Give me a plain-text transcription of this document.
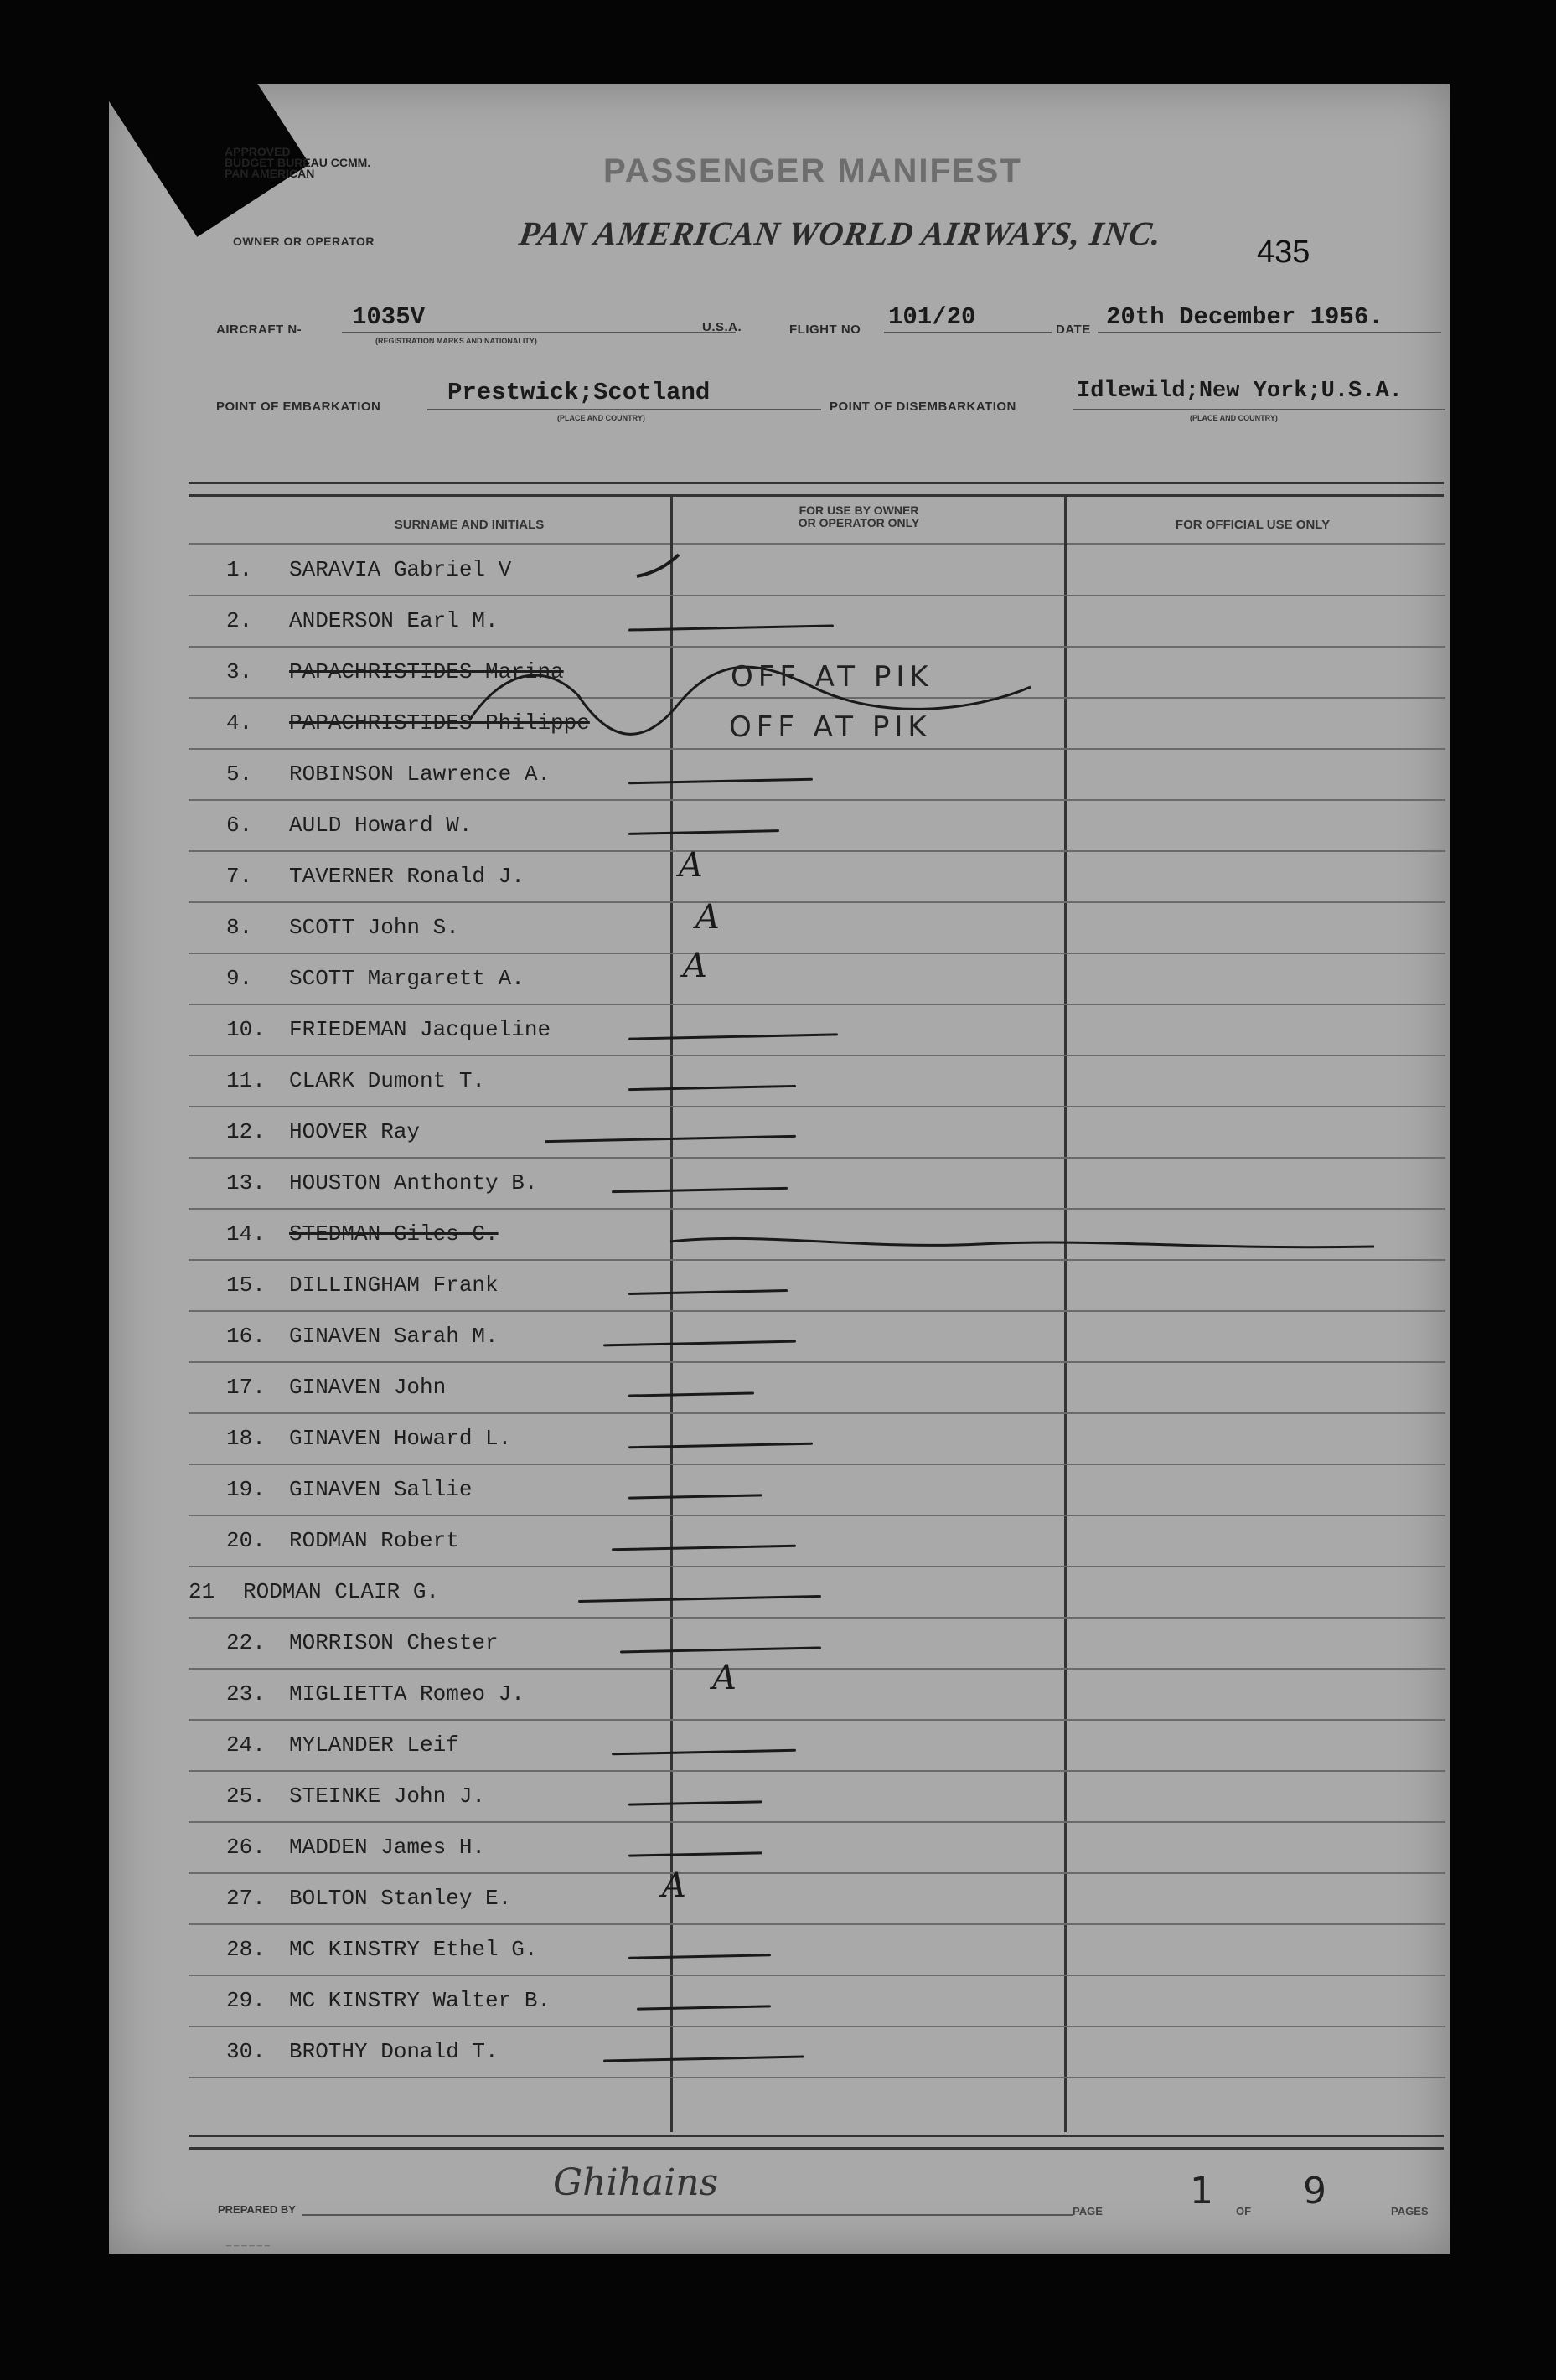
APPROVED
BUDGET BUREAU CCMM.
PAN AMERICAN
OWNER OR OPERATOR
PASSENGER MANIFEST
PAN AMERICAN WORLD AIRWAYS, INC.	435
AIRCRAFT N- 1035V
(REGISTRATION MARKS AND NATIONALITY)
U.S.A.	FLIGHT NO 101/20	DATE 20th December 1956.
POINT OF EMBARKATION
Prestwick;Scotland
(PLACE AND COUNTRY)
POINT OF DISEMBARKATION
Idlewild;New York;U.S.A.
(PLACE AND COUNTRY)
SURNAME AND INITIALS
FOR USE BY OWNER
OR OPERATOR ONLY	FOR OFFICIAL USE ONLY
1. SARAVIA Gabriel V
2. ANDERSON Earl M.
3. PAPACHRISTIDES Marina
4. PAPACHRISTIDES Philippe
5. ROBINSON Lawrence A.
6. AULD Howard W.
7. TAVERNER Ronald J.
8. SCOTT John S.
9. SCOTT Margarett A.
10. FRIEDEMAN Jacqueline
11. CLARK Dumont T.
12. HOOVER Ray
13. HOUSTON Anthonty B.
14. STEDMAN Giles C.
15. DILLINGHAM Frank
16. GINAVEN Sarah M.
17. GINAVEN John
18. GINAVEN Howard L.
19. GINAVEN Sallie
20. RODMAN Robert
21 RODMAN CLAIR G.
22. MORRISON Chester
23. MIGLIETTA Romeo J.
24. MYLANDER Leif
25. STEINKE John J.
26. MADDEN James H.
27. BOLTON Stanley E.
28. MC KINSTRY Ethel G.
29. MC KINSTRY Walter B.
30. BROTHY Donald T.
OFF AT PIK
OFF AT PIK
A
A
A
A
A
PREPARED BY
Ghihains
PAGE 1 OF 9	PAGES
_ _ _ _ _ _
